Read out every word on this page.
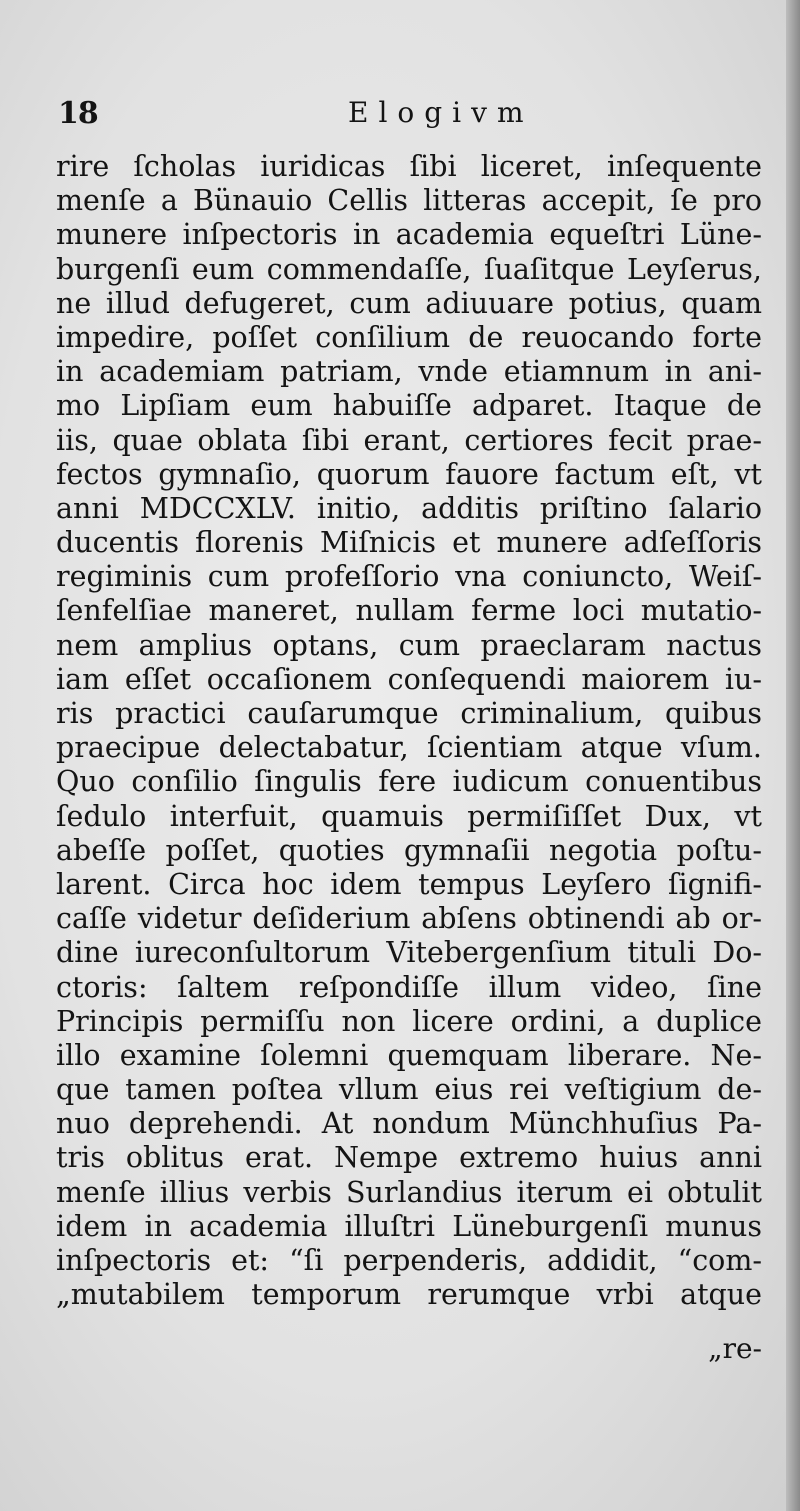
18	Elogivm
rire ſcholas iuridicas ſibi liceret, inſequente
menſe a Bünauio Cellis litteras accepit, ſe pro
munere inſpectoris in academia equeſtri Lüne-
burgenſi eum commendaſſe, ſuaſitque Leyſerus,
ne illud defugeret, cum adiuuare potius, quam
impedire, poſſet conſilium de reuocando forte
in academiam patriam, vnde etiamnum in ani-
mo Lipſiam eum habuiſſe adparet. Itaque de
iis, quae oblata ſibi erant, certiores fecit prae-
fectos gymnaſio, quorum fauore factum eſt, vt
anni MDCCXLV. initio, additis priſtino ſalario
ducentis florenis Miſnicis et munere adſeſſoris
regiminis cum profeſſorio vna coniuncto, Weiſ-
ſenfelſiae maneret, nullam ferme loci mutatio-
nem amplius optans, cum praeclaram nactus
iam eſſet occaſionem conſequendi maiorem iu-
ris practici cauſarumque criminalium, quibus
praecipue delectabatur, ſcientiam atque vſum.
Quo conſilio ſingulis fere iudicum conuentibus
ſedulo interfuit, quamuis permiſiſſet Dux, vt
abeſſe poſſet, quoties gymnaſii negotia poſtu-
larent. Circa hoc idem tempus Leyſero ſignifi-
caſſe videtur deſiderium abſens obtinendi ab or-
dine iureconſultorum Vitebergenſium tituli Do-
ctoris: ſaltem reſpondiſſe illum video, ſine
Principis permiſſu non licere ordini, a duplice
illo examine ſolemni quemquam liberare. Ne-
que tamen poſtea vllum eius rei veſtigium de-
nuo deprehendi. At nondum Münchhuſius Pa-
tris oblitus erat. Nempe extremo huius anni
menſe illius verbis Surlandius iterum ei obtulit
idem in academia illuſtri Lüneburgenſi munus
inſpectoris et: “ſi perpenderis, addidit, “com-
„mutabilem temporum rerumque vrbi atque
„re-
